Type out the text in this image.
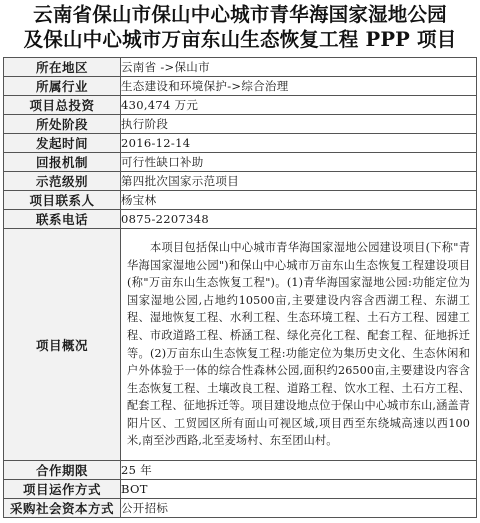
云南省保山市保山中心城市青华海国家湿地公园
及保山中心城市万亩东山生态恢复工程 PPP 项目
所在地区	云南省 ->保山市
所属行业	生态建设和环境保护->综合治理
项目总投资	430,474 万元
所处阶段	执行阶段
发起时间	2016-12-14
回报机制	可行性缺口补助
示范级别	第四批次国家示范项目
项目联系人	杨宝林
联系电话	0875-2207348
项目概况	　　本项目包括保山中心城市青华海国家湿地公园建设项目(下称"青华海国家湿地公园")和保山中心城市万亩东山生态恢复工程建设项目(称"万亩东山生态恢复工程")。(1)青华海国家湿地公园:功能定位为国家湿地公园,占地约10500亩,主要建设内容含西湖工程、东湖工程、湿地恢复工程、水利工程、生态环境工程、土石方工程、园建工程、市政道路工程、桥涵工程、绿化亮化工程、配套工程、征地拆迁等。(2)万亩东山生态恢复工程:功能定位为集历史文化、生态休闲和户外体验于一体的综合性森林公园,面积约26500亩,主要建设内容含生态恢复工程、土壤改良工程、道路工程、饮水工程、土石方工程、配套工程、征地拆迁等。项目建设地点位于保山中心城市东山,涵盖青阳片区、工贸园区所有面山可视区域,项目西至东绕城高速以西100米,南至沙西路,北至麦场村、东至团山村。
合作期限	25 年
项目运作方式	BOT
采购社会资本方式	公开招标
